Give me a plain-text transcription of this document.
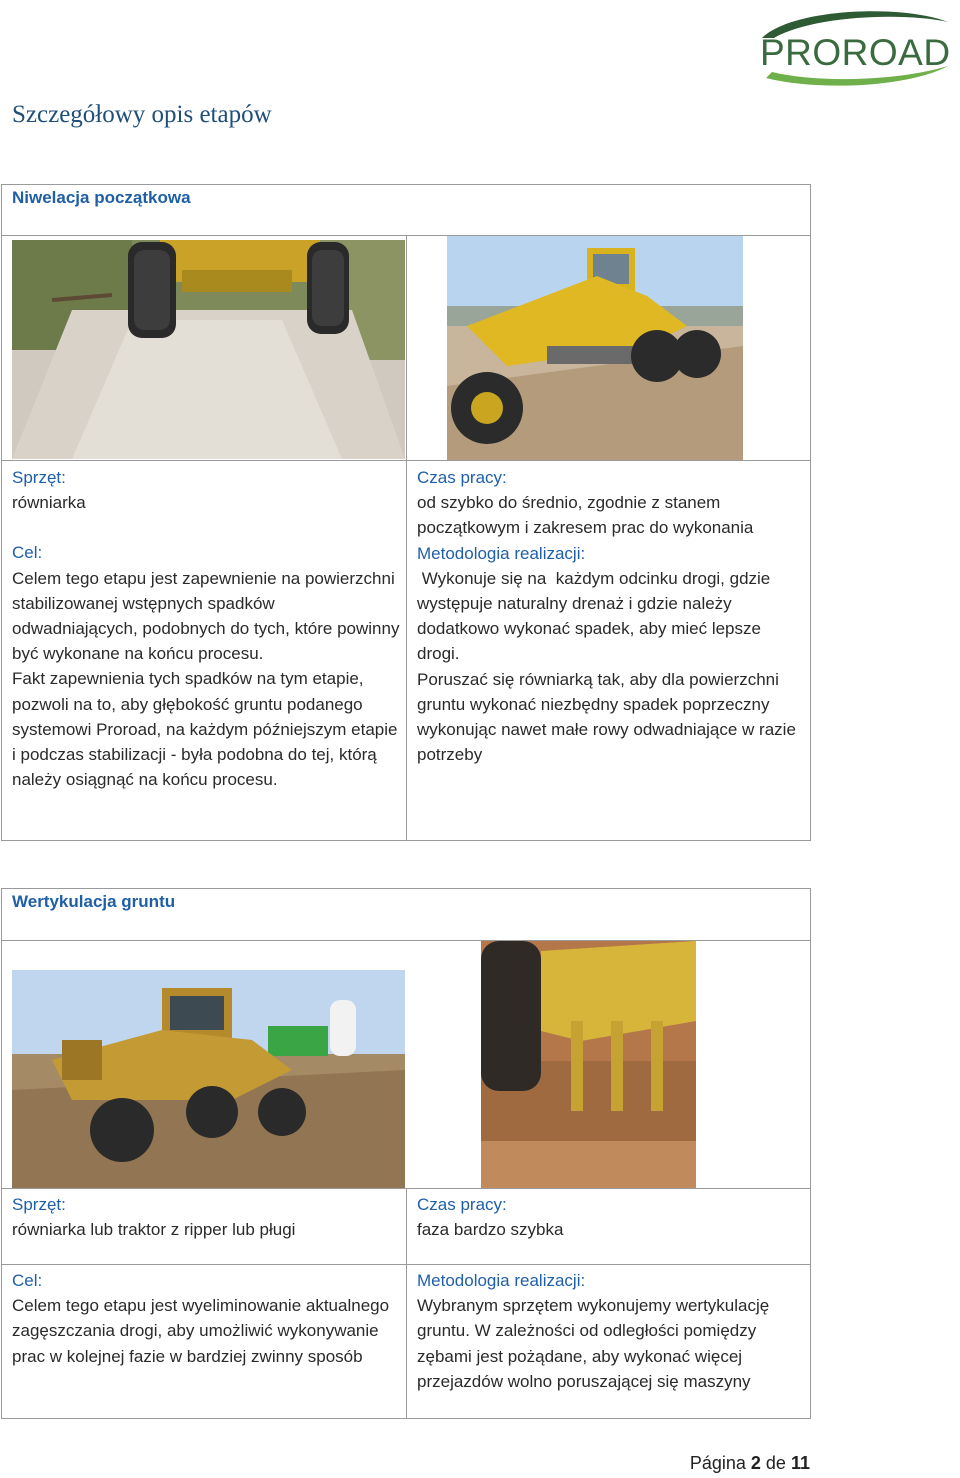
PROROAD
Szczegółowy opis etapów
Niwelacja początkowa
Sprzęt:
równiarka
Cel:
Celem tego etapu jest zapewnienie na powierzchni stabilizowanej wstępnych spadków odwadniających, podobnych do tych, które powinny być wykonane na końcu procesu.
Fakt zapewnienia tych spadków na tym etapie, pozwoli na to, aby głębokość gruntu podanego systemowi Proroad, na każdym późniejszym etapie i podczas stabilizacji - była podobna do tej, którą należy osiągnąć na końcu procesu.
Czas pracy:
od szybko do średnio, zgodnie z stanem początkowym i zakresem prac do wykonania
Metodologia realizacji:
Wykonuje się na  każdym odcinku drogi, gdzie występuje naturalny drenaż i gdzie należy dodatkowo wykonać spadek, aby mieć lepsze  drogi.
Poruszać się równiarką tak, aby dla powierzchni gruntu wykonać niezbędny spadek poprzeczny wykonując nawet małe rowy odwadniające w razie potrzeby
Wertykulacja gruntu
Sprzęt:
równiarka lub traktor z ripper lub pługi
Cel:
Celem tego etapu jest wyeliminowanie aktualnego zagęszczania drogi, aby umożliwić wykonywanie prac w kolejnej fazie w bardziej zwinny sposób
Czas pracy:
faza bardzo szybka
Metodologia realizacji:
Wybranym sprzętem wykonujemy wertykulację gruntu. W zależności od odległości pomiędzy zębami jest pożądane, aby wykonać więcej przejazdów wolno poruszającej się maszyny
Página 2 de 11
